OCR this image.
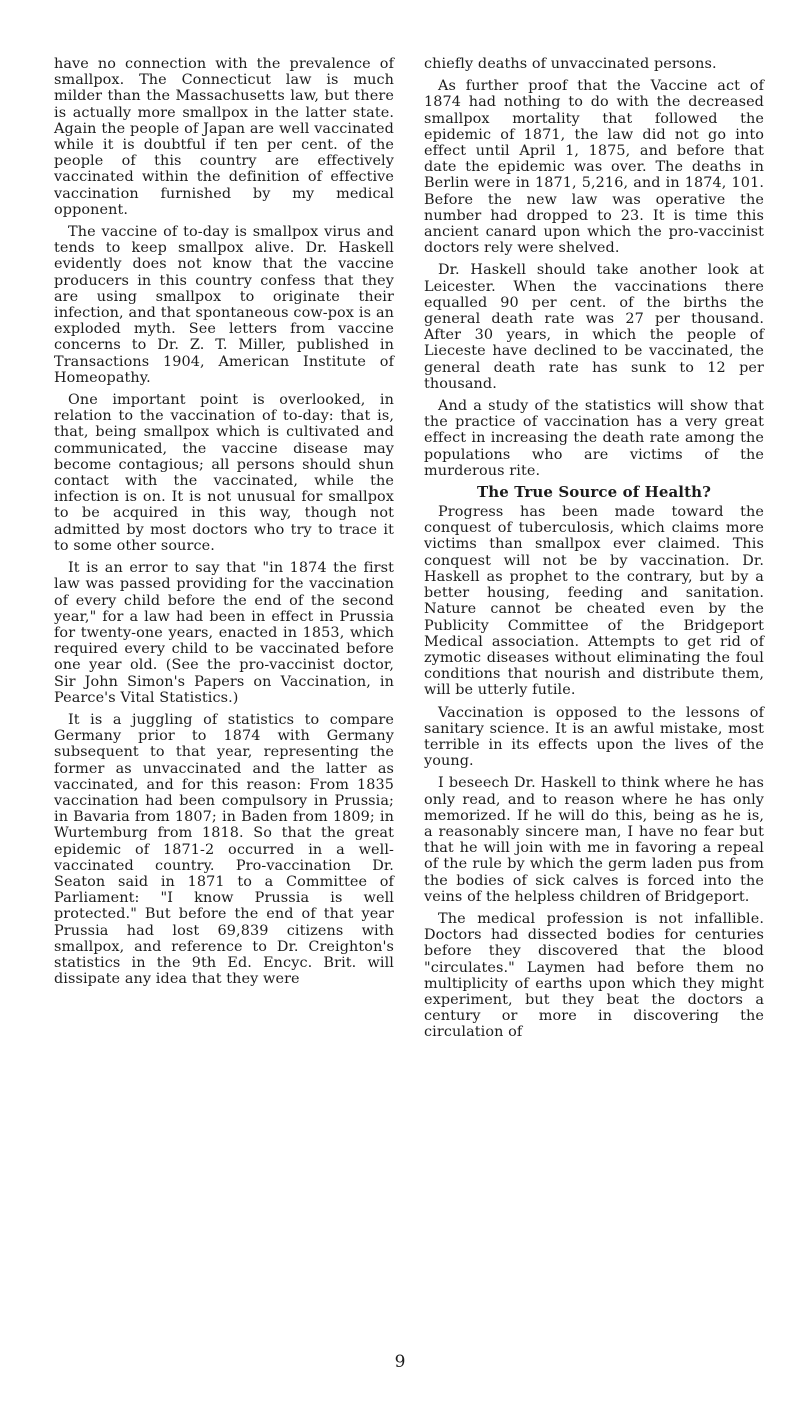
have no connection with the prevalence of smallpox. The Connecticut law is much milder than the Massachusetts law, but there is actually more smallpox in the latter state. Again the people of Japan are well vaccinated while it is doubtful if ten per cent. of the people of this country are effectively vaccinated within the definition of effective vaccination furnished by my medical opponent.

The vaccine of to-day is smallpox virus and tends to keep smallpox alive. Dr. Haskell evidently does not know that the vaccine producers in this country confess that they are using smallpox to originate their infection, and that spontaneous cow-pox is an exploded myth. See letters from vaccine concerns to Dr. Z. T. Miller, published in Transactions 1904, American Institute of Homeopathy.

One important point is overlooked, in relation to the vaccination of to-day: that is, that, being smallpox which is cultivated and communicated, the vaccine disease may become contagious; all persons should shun contact with the vaccinated, while the infection is on. It is not unusual for smallpox to be acquired in this way, though not admitted by most doctors who try to trace it to some other source.

It is an error to say that "in 1874 the first law was passed providing for the vaccination of every child before the end of the second year," for a law had been in effect in Prussia for twenty-one years, enacted in 1853, which required every child to be vaccinated before one year old. (See the pro-vaccinist doctor, Sir John Simon's Papers on Vaccination, in Pearce's Vital Statistics.)

It is a juggling of statistics to compare Germany prior to 1874 with Germany subsequent to that year, representing the former as unvaccinated and the latter as vaccinated, and for this reason: From 1835 vaccination had been compulsory in Prussia; in Bavaria from 1807; in Baden from 1809; in Wurtemburg from 1818. So that the great epidemic of 1871-2 occurred in a well-vaccinated country. Pro-vaccination Dr. Seaton said in 1871 to a Committee of Parliament: "I know Prussia is well protected." But before the end of that year Prussia had lost 69,839 citizens with smallpox, and reference to Dr. Creighton's statistics in the 9th Ed. Encyc. Brit. will dissipate any idea that they were

chiefly deaths of unvaccinated persons.

As further proof that the Vaccine act of 1874 had nothing to do with the decreased smallpox mortality that followed the epidemic of 1871, the law did not go into effect until April 1, 1875, and before that date the epidemic was over. The deaths in Berlin were in 1871, 5,216, and in 1874, 101. Before the new law was operative the number had dropped to 23. It is time this ancient canard upon which the pro-vaccinist doctors rely were shelved.

Dr. Haskell should take another look at Leicester. When the vaccinations there equalled 90 per cent. of the births the general death rate was 27 per thousand. After 30 years, in which the people of Lieceste have declined to be vaccinated, the general death rate has sunk to 12 per thousand.

And a study of the statistics will show that the practice of vaccination has a very great effect in increasing the death rate among the populations who are victims of the murderous rite.

The True Source of Health?

Progress has been made toward the conquest of tuberculosis, which claims more victims than smallpox ever claimed. This conquest will not be by vaccination. Dr. Haskell as prophet to the contrary, but by a better housing, feeding and sanitation. Nature cannot be cheated even by the Publicity Committee of the Bridgeport Medical association. Attempts to get rid of zymotic diseases without eliminating the foul conditions that nourish and distribute them, will be utterly futile.

Vaccination is opposed to the lessons of sanitary science. It is an awful mistake, most terrible in its effects upon the lives of the young.

I beseech Dr. Haskell to think where he has only read, and to reason where he has only memorized. If he will do this, being as he is, a reasonably sincere man, I have no fear but that he will join with me in favoring a repeal of the rule by which the germ laden pus from the bodies of sick calves is forced into the veins of the helpless children of Bridgeport.

The medical profession is not infallible. Doctors had dissected bodies for centuries before they discovered that the blood "circulates." Laymen had before them no multiplicity of earths upon which they might experiment, but they beat the doctors a century or more in discovering the circulation of

9
